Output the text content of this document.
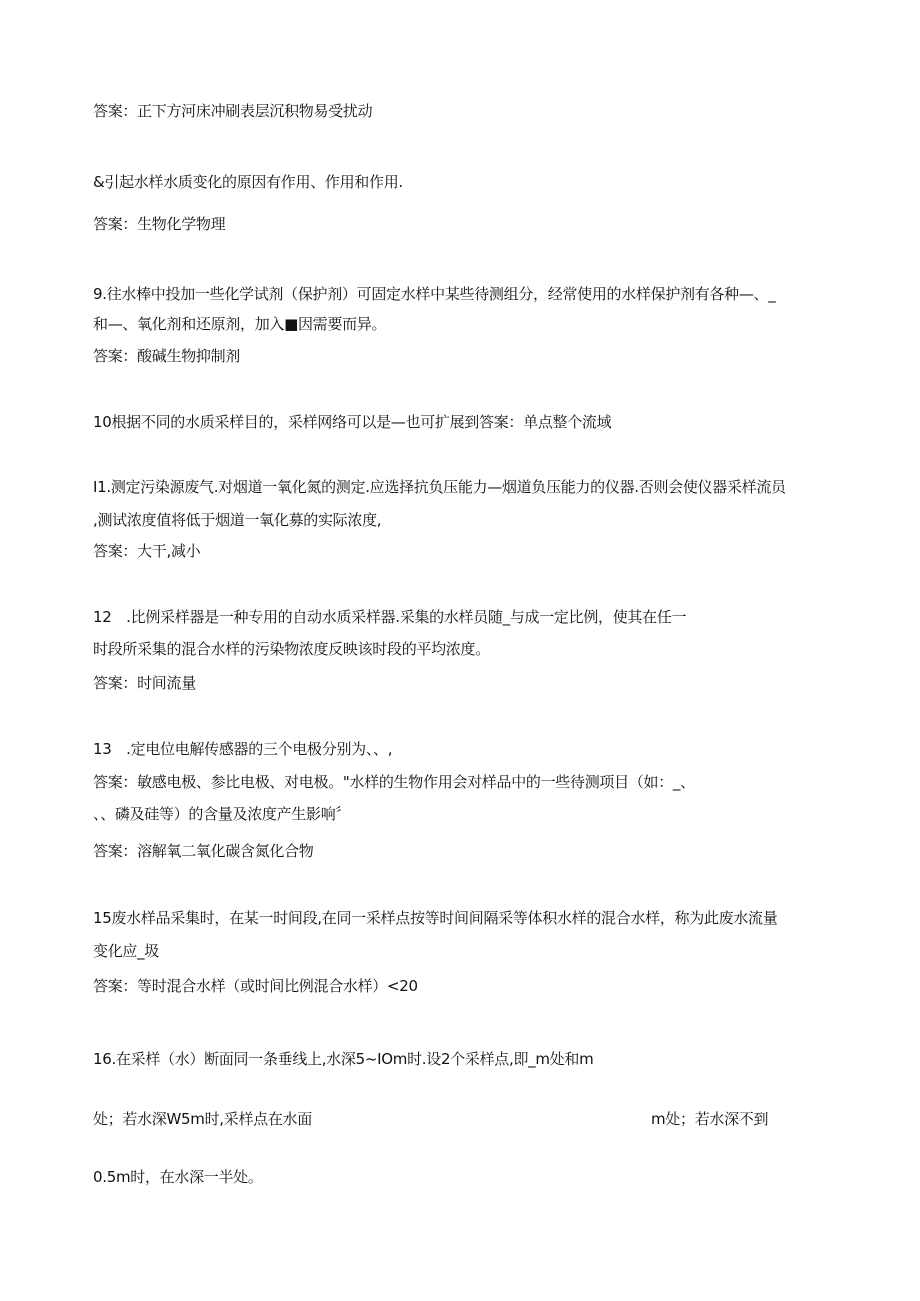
答案：正下方河床冲刷表层沉积物易受扰动
&引起水样水质变化的原因有作用、作用和作用.
答案：生物化学物理
9.往水棒中投加一些化学试剂（保护剂）可固定水样中某些待测组分，经常使用的水样保护剂有各种—、_
和—、氧化剂和还原剂，加入■因需要而异。
答案：酸碱生物抑制剂
10根据不同的水质采样目的，采样网络可以是—也可扩展到答案：单点整个流域
I1.测定污染源废气.对烟道一氧化氮的测定.应选择抗负压能力—烟道负压能力的仪器.否则会使仪器采样流员
,测试浓度值将低于烟道一氧化募的实际浓度,
答案：大干,减小
12　.比例采样器是一种专用的自动水质采样器.采集的水样员随_与成一定比例，使其在任一
时段所采集的混合水样的污染物浓度反映该时段的平均浓度。
答案：时间流量
13　.定电位电解传感器的三个电极分别为、、,
答案：敏感电极、参比电极、对电极。"水样的生物作用会对样品中的一些待测项目（如：_、
、、磷及硅等）的含量及浓度产生影响〞
答案：溶解氧二氧化碳含氮化合物
15废水样品采集时，在某一时间段,在同一采样点按等时间间隔采等体积水样的混合水样，称为此废水流量
变化应_圾
答案：等时混合水样（或时间比例混合水样）<20
16.在采样（水）断面同一条垂线上,水深5~IOm时.设2个采样点,即_m处和m
处；若水深W5m时,采样点在水面	m处；若水深不到
0.5m时，在水深一半处。
